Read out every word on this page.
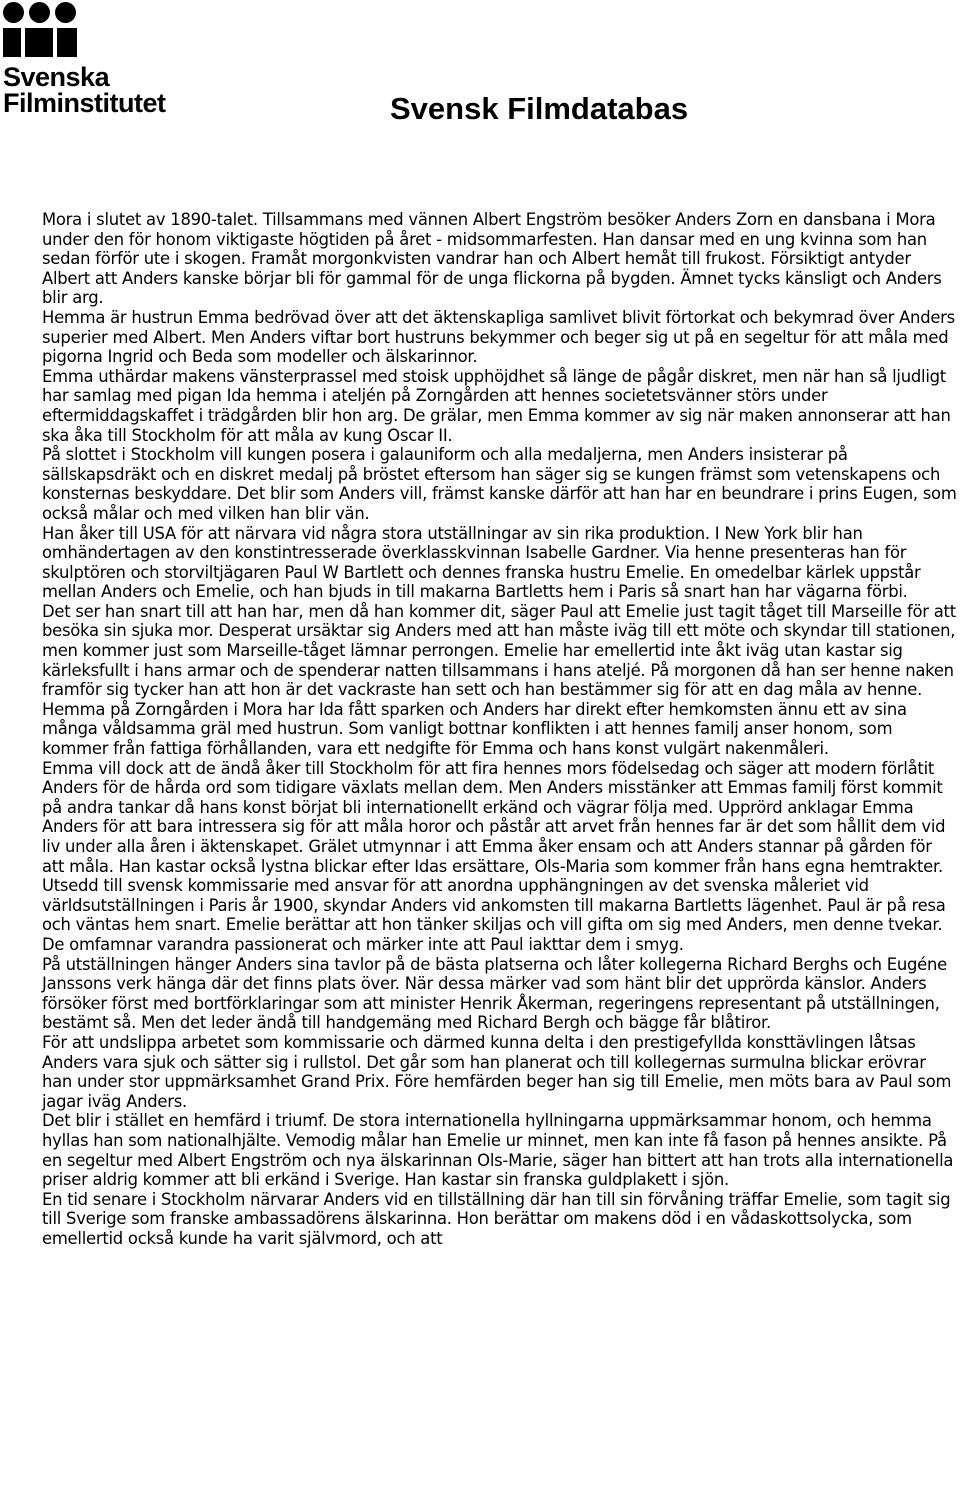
Svenska
Filminstitutet	Svensk Filmdatabas

Mora i slutet av 1890-talet. Tillsammans med vännen Albert Engström besöker Anders Zorn en dansbana i Mora under den för honom viktigaste högtiden på året - midsommarfesten. Han dansar med en ung kvinna som han sedan förför ute i skogen. Framåt morgonkvisten vandrar han och Albert hemåt till frukost. Försiktigt antyder Albert att Anders kanske börjar bli för gammal för de unga flickorna på bygden. Ämnet tycks känsligt och Anders blir arg.

Hemma är hustrun Emma bedrövad över att det äktenskapliga samlivet blivit förtorkat och bekymrad över Anders superier med Albert. Men Anders viftar bort hustruns bekymmer och beger sig ut på en segeltur för att måla med pigorna Ingrid och Beda som modeller och älskarinnor.

Emma uthärdar makens vänsterprassel med stoisk upphöjdhet så länge de pågår diskret, men när han så ljudligt har samlag med pigan Ida hemma i ateljén på Zorngården att hennes societetsvänner störs under eftermiddagskaffet i trädgården blir hon arg. De grälar, men Emma kommer av sig när maken annonserar att han ska åka till Stockholm för att måla av kung Oscar II.

På slottet i Stockholm vill kungen posera i galauniform och alla medaljerna, men Anders insisterar på sällskapsdräkt och en diskret medalj på bröstet eftersom han säger sig se kungen främst som vetenskapens och konsternas beskyddare. Det blir som Anders vill, främst kanske därför att han har en beundrare i prins Eugen, som också målar och med vilken han blir vän.

Han åker till USA för att närvara vid några stora utställningar av sin rika produktion. I New York blir han omhändertagen av den konstintresserade överklasskvinnan Isabelle Gardner. Via henne presenteras han för skulptören och storviltjägaren Paul W Bartlett och dennes franska hustru Emelie. En omedelbar kärlek uppstår mellan Anders och Emelie, och han bjuds in till makarna Bartletts hem i Paris så snart han har vägarna förbi.

Det ser han snart till att han har, men då han kommer dit, säger Paul att Emelie just tagit tåget till Marseille för att besöka sin sjuka mor. Desperat ursäktar sig Anders med att han måste iväg till ett möte och skyndar till stationen, men kommer just som Marseille-tåget lämnar perrongen. Emelie har emellertid inte åkt iväg utan kastar sig kärleksfullt i hans armar och de spenderar natten tillsammans i hans ateljé. På morgonen då han ser henne naken framför sig tycker han att hon är det vackraste han sett och han bestämmer sig för att en dag måla av henne.

Hemma på Zorngården i Mora har Ida fått sparken och Anders har direkt efter hemkomsten ännu ett av sina många våldsamma gräl med hustrun. Som vanligt bottnar konflikten i att hennes familj anser honom, som kommer från fattiga förhållanden, vara ett nedgifte för Emma och hans konst vulgärt nakenmåleri.

Emma vill dock att de ändå åker till Stockholm för att fira hennes mors födelsedag och säger att modern förlåtit Anders för de hårda ord som tidigare växlats mellan dem. Men Anders misstänker att Emmas familj först kommit på andra tankar då hans konst börjat bli internationellt erkänd och vägrar följa med. Upprörd anklagar Emma Anders för att bara intressera sig för att måla horor och påstår att arvet från hennes far är det som hållit dem vid liv under alla åren i äktenskapet. Grälet utmynnar i att Emma åker ensam och att Anders stannar på gården för att måla. Han kastar också lystna blickar efter Idas ersättare, Ols-Maria som kommer från hans egna hemtrakter.

Utsedd till svensk kommissarie med ansvar för att anordna upphängningen av det svenska måleriet vid världsutställningen i Paris år 1900, skyndar Anders vid ankomsten till makarna Bartletts lägenhet. Paul är på resa och väntas hem snart. Emelie berättar att hon tänker skiljas och vill gifta om sig med Anders, men denne tvekar. De omfamnar varandra passionerat och märker inte att Paul iakttar dem i smyg.

På utställningen hänger Anders sina tavlor på de bästa platserna och låter kollegerna Richard Berghs och Eugéne Janssons verk hänga där det finns plats över. När dessa märker vad som hänt blir det upprörda känslor. Anders försöker först med bortförklaringar som att minister Henrik Åkerman, regeringens representant på utställningen, bestämt så. Men det leder ändå till handgemäng med Richard Bergh och bägge får blåtiror.

För att undslippa arbetet som kommissarie och därmed kunna delta i den prestigefyllda konsttävlingen låtsas Anders vara sjuk och sätter sig i rullstol. Det går som han planerat och till kollegernas surmulna blickar erövrar han under stor uppmärksamhet Grand Prix. Före hemfärden beger han sig till Emelie, men möts bara av Paul som jagar iväg Anders.

Det blir i stället en hemfärd i triumf. De stora internationella hyllningarna uppmärksammar honom, och hemma hyllas han som nationalhjälte. Vemodig målar han Emelie ur minnet, men kan inte få fason på hennes ansikte. På en segeltur med Albert Engström och nya älskarinnan Ols-Marie, säger han bittert att han trots alla internationella priser aldrig kommer att bli erkänd i Sverige. Han kastar sin franska guldplakett i sjön.

En tid senare i Stockholm närvarar Anders vid en tillställning där han till sin förvåning träffar Emelie, som tagit sig till Sverige som franske ambassadörens älskarinna. Hon berättar om makens död i en vådaskottsolycka, som emellertid också kunde ha varit självmord, och att
